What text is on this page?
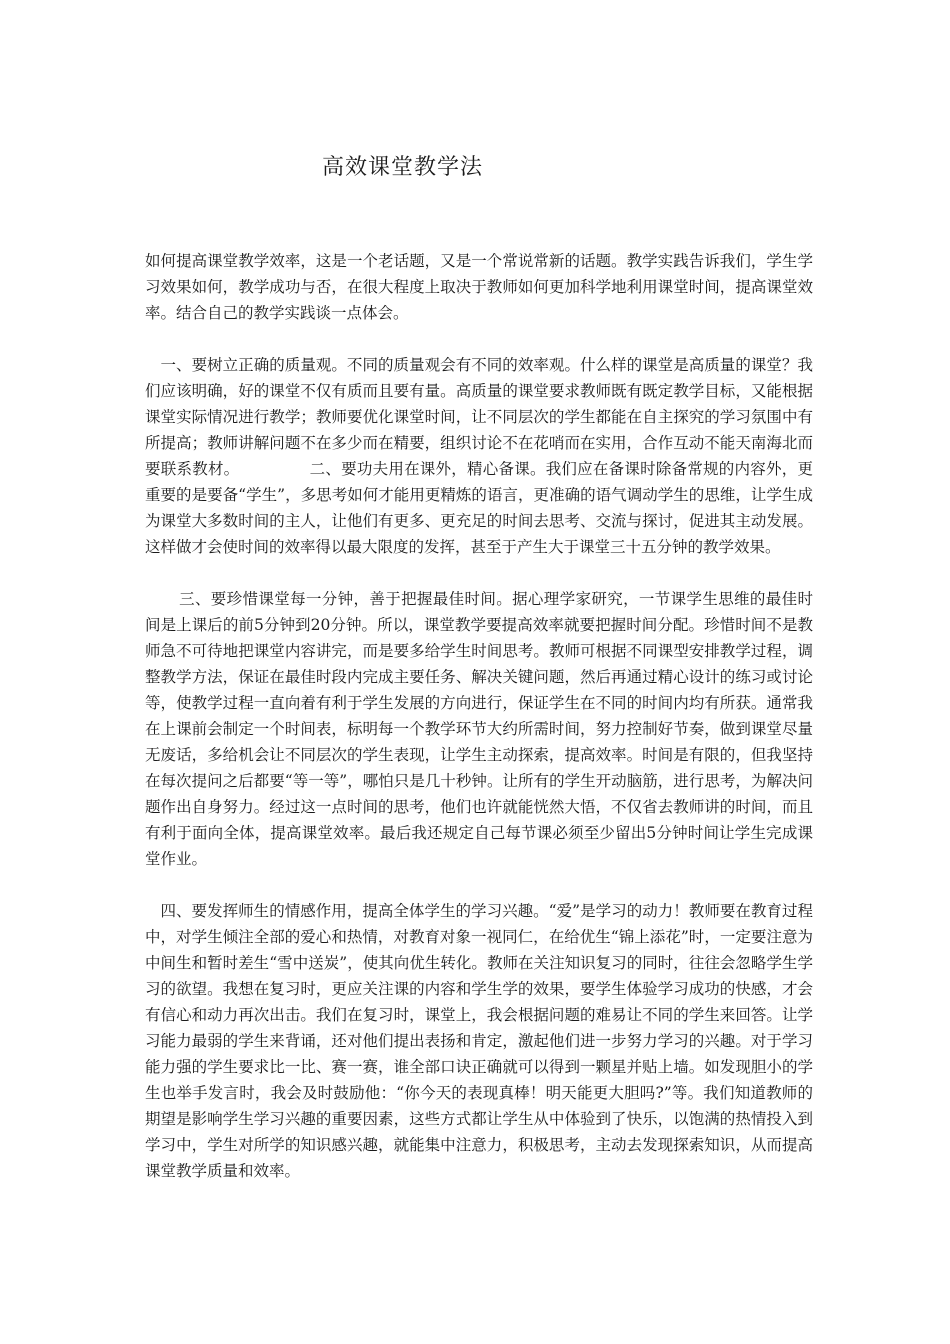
高效课堂教学法

如何提高课堂教学效率，这是一个老话题，又是一个常说常新的话题。教学实践告诉我们，学生学习效果如何，教学成功与否，在很大程度上取决于教师如何更加科学地利用课堂时间，提高课堂效率。结合自己的教学实践谈一点体会。

一、要树立正确的质量观。不同的质量观会有不同的效率观。什么样的课堂是高质量的课堂？我们应该明确，好的课堂不仅有质而且要有量。高质量的课堂要求教师既有既定教学目标，又能根据课堂实际情况进行教学；教师要优化课堂时间，让不同层次的学生都能在自主探究的学习氛围中有所提高；教师讲解问题不在多少而在精要，组织讨论不在花哨而在实用，合作互动不能天南海北而要联系教材。	二、要功夫用在课外，精心备课。我们应在备课时除备常规的内容外，更重要的是要备“学生”，多思考如何才能用更精炼的语言，更准确的语气调动学生的思维，让学生成为课堂大多数时间的主人，让他们有更多、更充足的时间去思考、交流与探讨，促进其主动发展。这样做才会使时间的效率得以最大限度的发挥，甚至于产生大于课堂三十五分钟的教学效果。

三、要珍惜课堂每一分钟，善于把握最佳时间。据心理学家研究，一节课学生思维的最佳时间是上课后的前5分钟到20分钟。所以，课堂教学要提高效率就要把握时间分配。珍惜时间不是教师急不可待地把课堂内容讲完，而是要多给学生时间思考。教师可根据不同课型安排教学过程，调整教学方法，保证在最佳时段内完成主要任务、解决关键问题，然后再通过精心设计的练习或讨论等，使教学过程一直向着有利于学生发展的方向进行，保证学生在不同的时间内均有所获。通常我在上课前会制定一个时间表，标明每一个教学环节大约所需时间，努力控制好节奏，做到课堂尽量无废话，多给机会让不同层次的学生表现，让学生主动探索，提高效率。时间是有限的，但我坚持在每次提问之后都要“等一等”，哪怕只是几十秒钟。让所有的学生开动脑筋，进行思考，为解决问题作出自身努力。经过这一点时间的思考，他们也许就能恍然大悟，不仅省去教师讲的时间，而且有利于面向全体，提高课堂效率。最后我还规定自己每节课必须至少留出5分钟时间让学生完成课堂作业。

四、要发挥师生的情感作用，提高全体学生的学习兴趣。“爱”是学习的动力！教师要在教育过程中，对学生倾注全部的爱心和热情，对教育对象一视同仁，在给优生“锦上添花”时，一定要注意为中间生和暂时差生“雪中送炭”，使其向优生转化。教师在关注知识复习的同时，往往会忽略学生学习的欲望。我想在复习时，更应关注课的内容和学生学的效果，要学生体验学习成功的快感，才会有信心和动力再次出击。我们在复习时，课堂上，我会根据问题的难易让不同的学生来回答。让学习能力最弱的学生来背诵，还对他们提出表扬和肯定，激起他们进一步努力学习的兴趣。对于学习能力强的学生要求比一比、赛一赛，谁全部口诀正确就可以得到一颗星并贴上墙。如发现胆小的学生也举手发言时，我会及时鼓励他：“你今天的表现真棒！明天能更大胆吗?”等。我们知道教师的期望是影响学生学习兴趣的重要因素，这些方式都让学生从中体验到了快乐，以饱满的热情投入到学习中，学生对所学的知识感兴趣，就能集中注意力，积极思考，主动去发现探索知识，从而提高课堂教学质量和效率。
